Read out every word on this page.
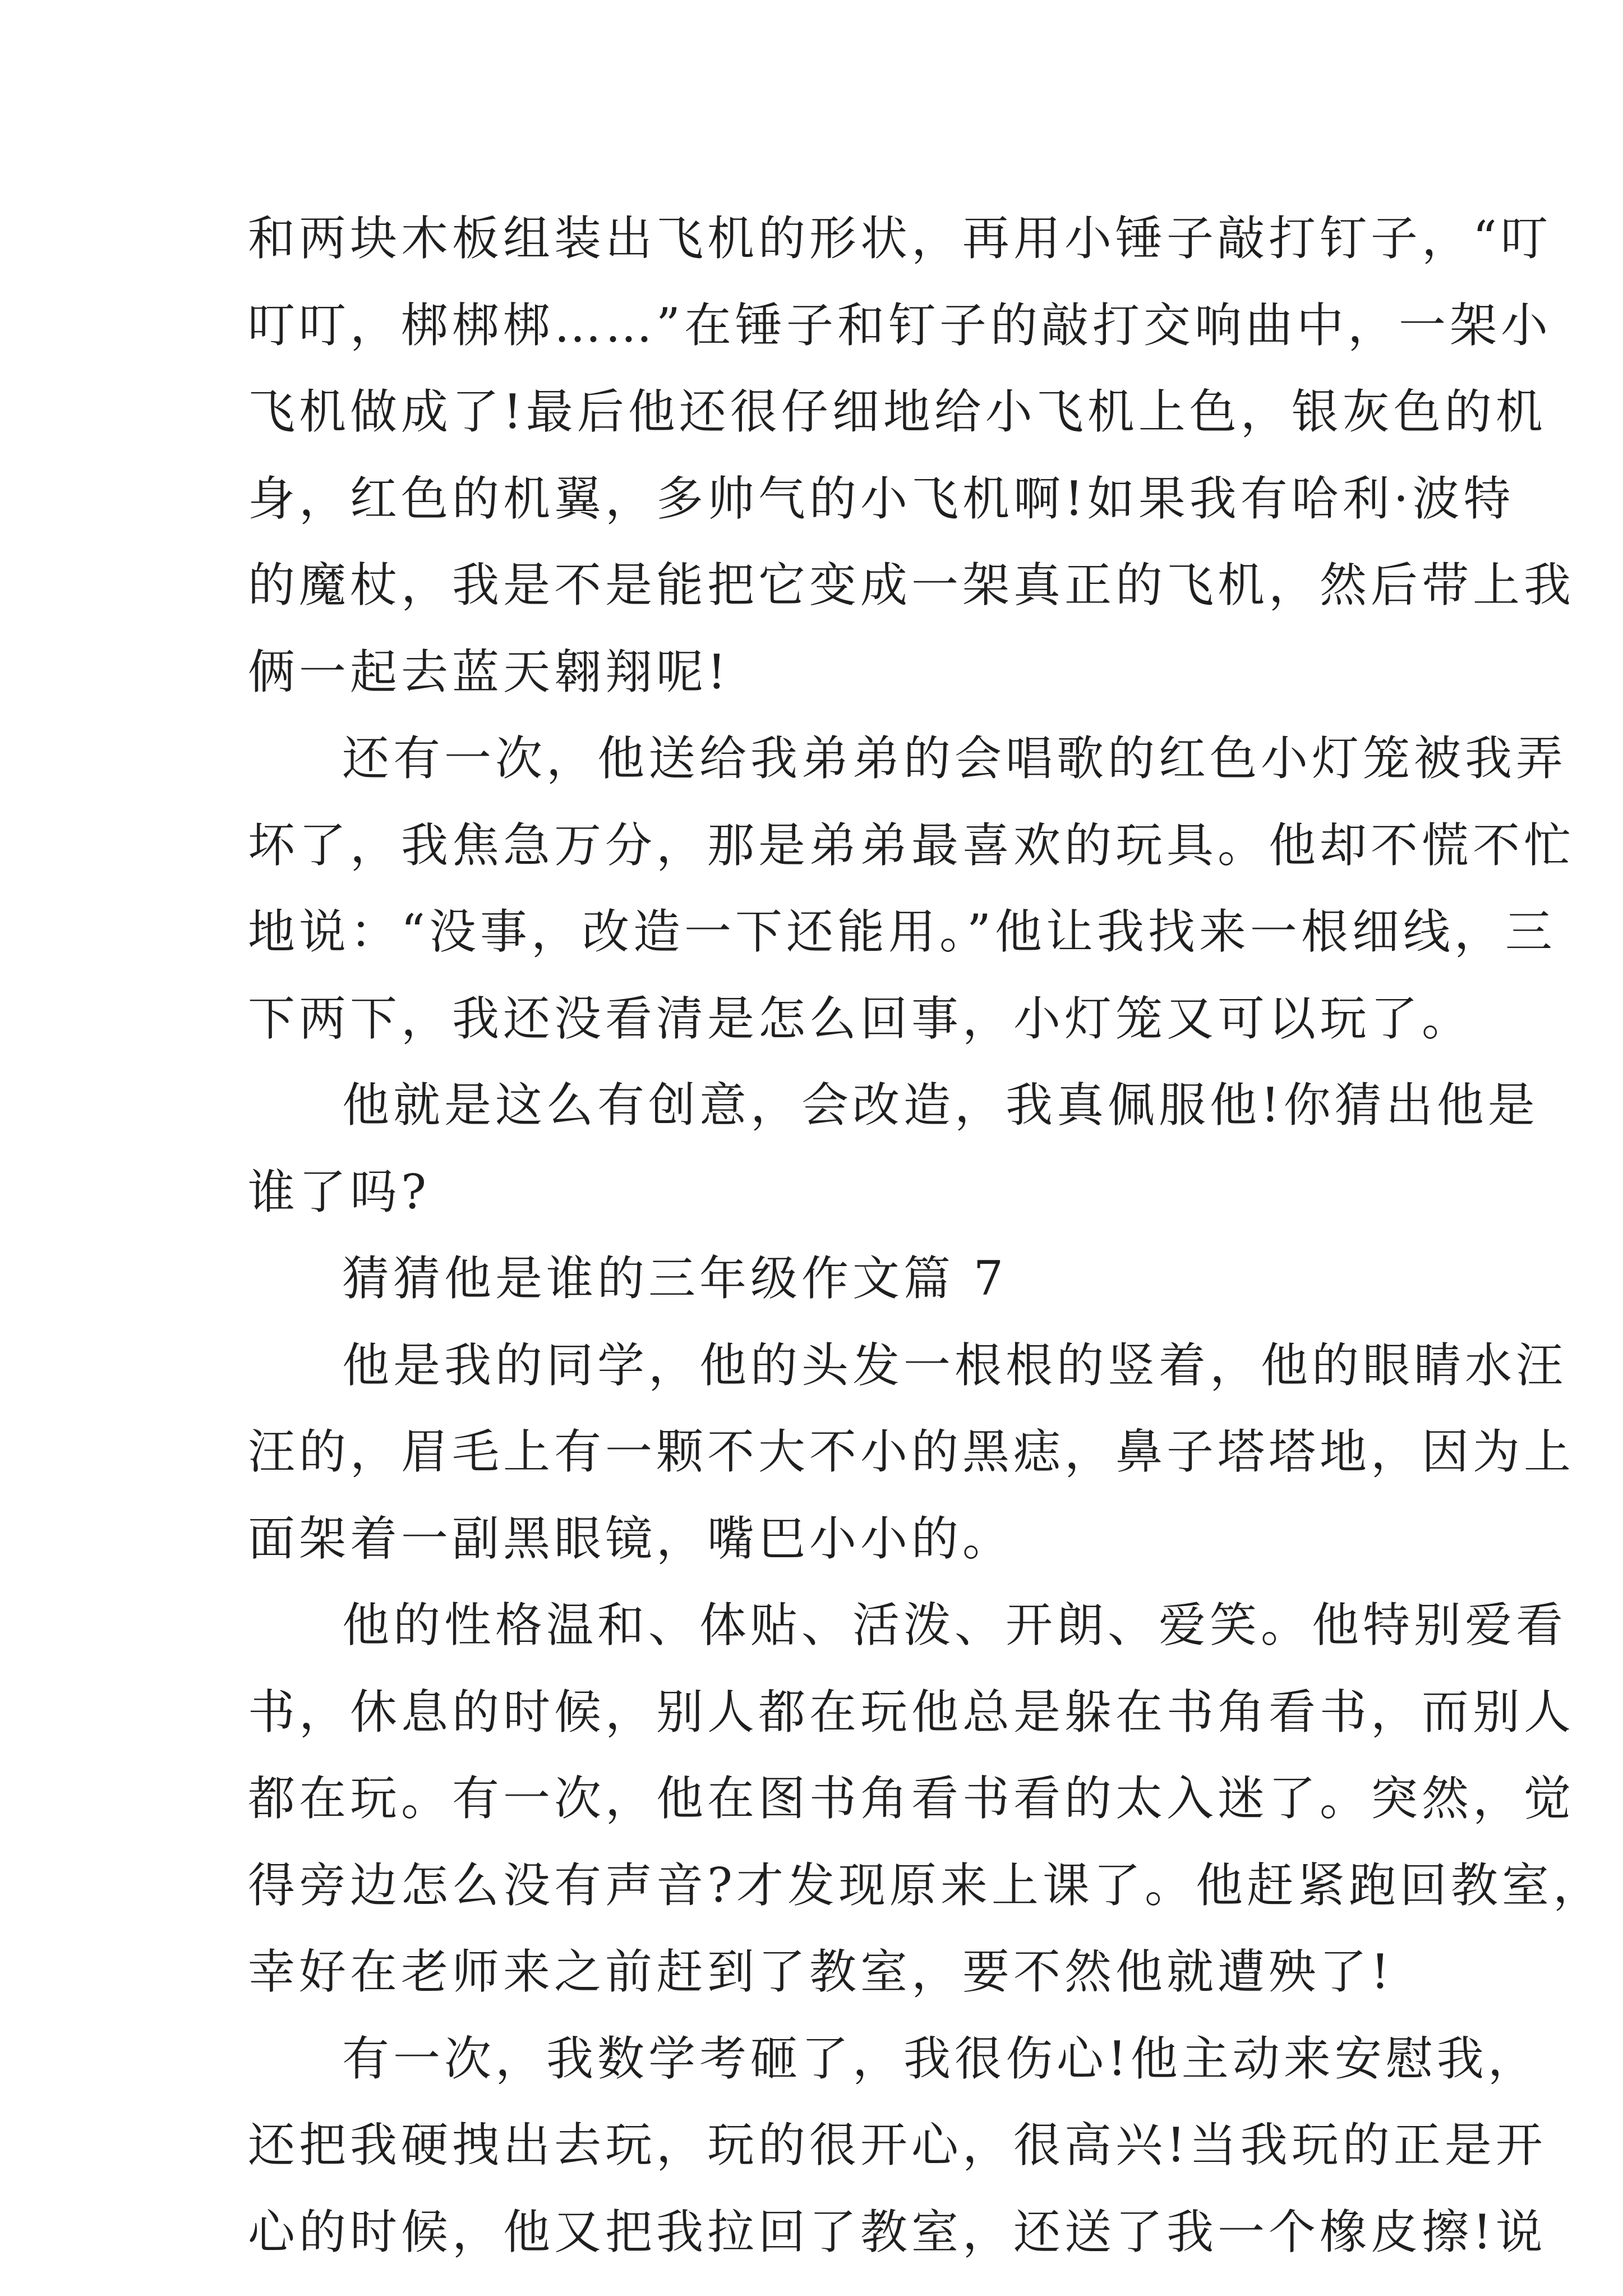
和两块木板组装出飞机的形状，再用小锤子敲打钉子，“叮
叮叮，梆梆梆……”在锤子和钉子的敲打交响曲中，一架小
飞机做成了!最后他还很仔细地给小飞机上色，银灰色的机
身，红色的机翼，多帅气的小飞机啊!如果我有哈利·波特
的魔杖，我是不是能把它变成一架真正的飞机，然后带上我
俩一起去蓝天翱翔呢!
还有一次，他送给我弟弟的会唱歌的红色小灯笼被我弄
坏了，我焦急万分，那是弟弟最喜欢的玩具。他却不慌不忙
地说：“没事，改造一下还能用。”他让我找来一根细线，三
下两下，我还没看清是怎么回事，小灯笼又可以玩了。
他就是这么有创意，会改造，我真佩服他!你猜出他是
谁了吗?
猜猜他是谁的三年级作文篇 7
他是我的同学，他的头发一根根的竖着，他的眼睛水汪
汪的，眉毛上有一颗不大不小的黑痣，鼻子塔塔地，因为上
面架着一副黑眼镜，嘴巴小小的。
他的性格温和、体贴、活泼、开朗、爱笑。他特别爱看
书，休息的时候，别人都在玩他总是躲在书角看书，而别人
都在玩。有一次，他在图书角看书看的太入迷了。突然，觉
得旁边怎么没有声音?才发现原来上课了。他赶紧跑回教室，
幸好在老师来之前赶到了教室，要不然他就遭殃了!
有一次，我数学考砸了，我很伤心!他主动来安慰我，
还把我硬拽出去玩，玩的很开心，很高兴!当我玩的正是开
心的时候，他又把我拉回了教室，还送了我一个橡皮擦!说
